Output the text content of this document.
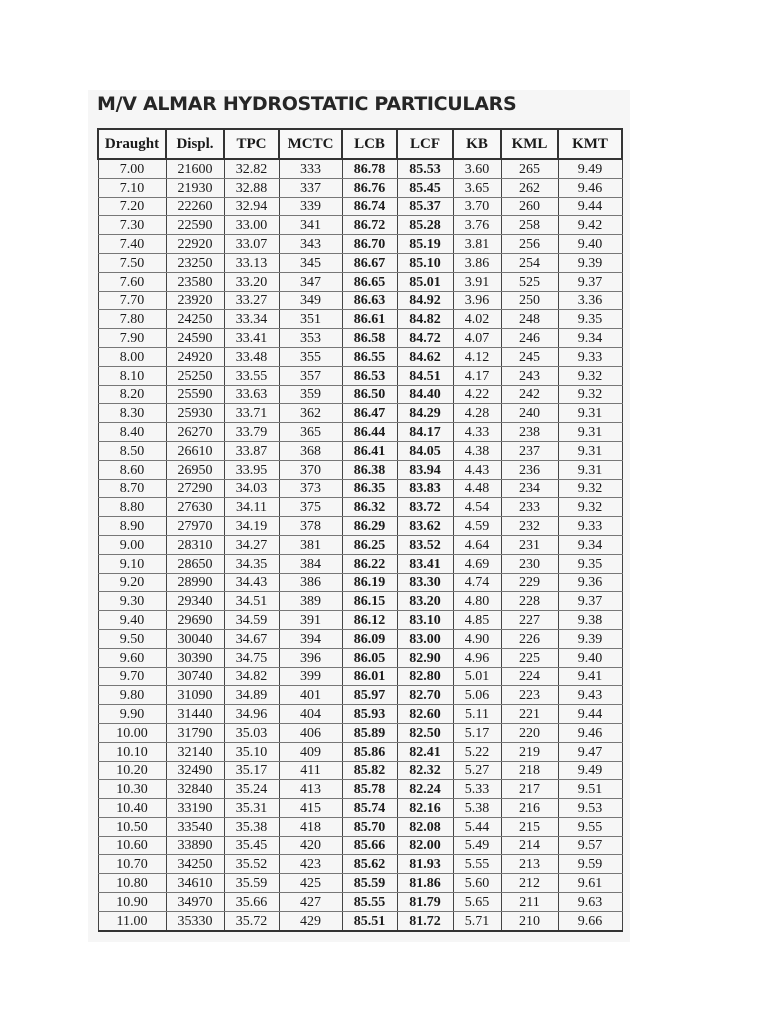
M/V ALMAR HYDROSTATIC PARTICULARS
Draught	Displ.	TPC	MCTC	LCB	LCF	KB	KML	KMT
7.00	21600	32.82	333	86.78	85.53	3.60	265	9.49
7.10	21930	32.88	337	86.76	85.45	3.65	262	9.46
7.20	22260	32.94	339	86.74	85.37	3.70	260	9.44
7.30	22590	33.00	341	86.72	85.28	3.76	258	9.42
7.40	22920	33.07	343	86.70	85.19	3.81	256	9.40
7.50	23250	33.13	345	86.67	85.10	3.86	254	9.39
7.60	23580	33.20	347	86.65	85.01	3.91	525	9.37
7.70	23920	33.27	349	86.63	84.92	3.96	250	3.36
7.80	24250	33.34	351	86.61	84.82	4.02	248	9.35
7.90	24590	33.41	353	86.58	84.72	4.07	246	9.34
8.00	24920	33.48	355	86.55	84.62	4.12	245	9.33
8.10	25250	33.55	357	86.53	84.51	4.17	243	9.32
8.20	25590	33.63	359	86.50	84.40	4.22	242	9.32
8.30	25930	33.71	362	86.47	84.29	4.28	240	9.31
8.40	26270	33.79	365	86.44	84.17	4.33	238	9.31
8.50	26610	33.87	368	86.41	84.05	4.38	237	9.31
8.60	26950	33.95	370	86.38	83.94	4.43	236	9.31
8.70	27290	34.03	373	86.35	83.83	4.48	234	9.32
8.80	27630	34.11	375	86.32	83.72	4.54	233	9.32
8.90	27970	34.19	378	86.29	83.62	4.59	232	9.33
9.00	28310	34.27	381	86.25	83.52	4.64	231	9.34
9.10	28650	34.35	384	86.22	83.41	4.69	230	9.35
9.20	28990	34.43	386	86.19	83.30	4.74	229	9.36
9.30	29340	34.51	389	86.15	83.20	4.80	228	9.37
9.40	29690	34.59	391	86.12	83.10	4.85	227	9.38
9.50	30040	34.67	394	86.09	83.00	4.90	226	9.39
9.60	30390	34.75	396	86.05	82.90	4.96	225	9.40
9.70	30740	34.82	399	86.01	82.80	5.01	224	9.41
9.80	31090	34.89	401	85.97	82.70	5.06	223	9.43
9.90	31440	34.96	404	85.93	82.60	5.11	221	9.44
10.00	31790	35.03	406	85.89	82.50	5.17	220	9.46
10.10	32140	35.10	409	85.86	82.41	5.22	219	9.47
10.20	32490	35.17	411	85.82	82.32	5.27	218	9.49
10.30	32840	35.24	413	85.78	82.24	5.33	217	9.51
10.40	33190	35.31	415	85.74	82.16	5.38	216	9.53
10.50	33540	35.38	418	85.70	82.08	5.44	215	9.55
10.60	33890	35.45	420	85.66	82.00	5.49	214	9.57
10.70	34250	35.52	423	85.62	81.93	5.55	213	9.59
10.80	34610	35.59	425	85.59	81.86	5.60	212	9.61
10.90	34970	35.66	427	85.55	81.79	5.65	211	9.63
11.00	35330	35.72	429	85.51	81.72	5.71	210	9.66
